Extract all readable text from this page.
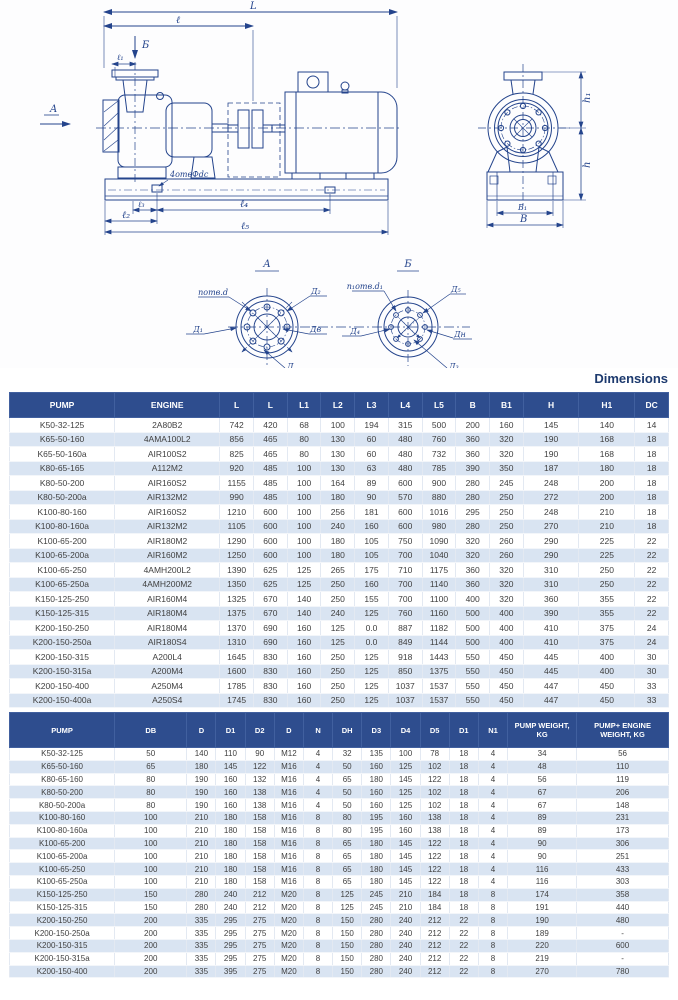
A
L
ℓ
Б
ℓ₁
4отвФdc
ℓ₃	ℓ₄
ℓ₂
ℓ₅
h₁
h
B₁
B
A
nотв.d	Д₂
Д₁	Дв
Д
Б
n₁отв.d₁	Д₅
Д₄	Дн
Д₃
Dimensions
PUMP	ENGINE	L	L	L1	L2	L3	L4	L5	B	B1	H	H1	DC
K50-32-125	2A80B2	742	420	68	100	194	315	500	200	160	145	140	14
K65-50-160	4AMA100L2	856	465	80	130	60	480	760	360	320	190	168	18
K65-50-160a	AIR100S2	825	465	80	130	60	480	732	360	320	190	168	18
K80-65-165	A112M2	920	485	100	130	63	480	785	390	350	187	180	18
K80-50-200	AIR160S2	1155	485	100	164	89	600	900	280	245	248	200	18
K80-50-200a	AIR132M2	990	485	100	180	90	570	880	280	250	272	200	18
K100-80-160	AIR160S2	1210	600	100	256	181	600	1016	295	250	248	210	18
K100-80-160a	AIR132M2	1105	600	100	240	160	600	980	280	250	270	210	18
K100-65-200	AIR180M2	1290	600	100	180	105	750	1090	320	260	290	225	22
K100-65-200a	AIR160M2	1250	600	100	180	105	700	1040	320	260	290	225	22
K100-65-250	4AMH200L2	1390	625	125	265	175	710	1175	360	320	310	250	22
K100-65-250a	4AMH200M2	1350	625	125	250	160	700	1140	360	320	310	250	22
K150-125-250	AIR160M4	1325	670	140	250	155	700	1100	400	320	360	355	22
K150-125-315	AIR180M4	1375	670	140	240	125	760	1160	500	400	390	355	22
K200-150-250	AIR180M4	1370	690	160	125	0.0	887	1182	500	400	410	375	24
K200-150-250a	AIR180S4	1310	690	160	125	0.0	849	1144	500	400	410	375	24
K200-150-315	A200L4	1645	830	160	250	125	918	1443	550	450	445	400	30
K200-150-315a	A200M4	1600	830	160	250	125	850	1375	550	450	445	400	30
K200-150-400	A250M4	1785	830	160	250	125	1037	1537	550	450	447	450	33
K200-150-400a	A250S4	1745	830	160	250	125	1037	1537	550	450	447	450	33
PUMP	DB	D	D1	D2	D	N	DH	D3	D4	D5	D1	N1	PUMP WEIGHT, KG	PUMP+ ENGINE WEIGHT, KG
K50-32-125	50	140	110	90	M12	4	32	135	100	78	18	4	34	56
K65-50-160	65	180	145	122	M16	4	50	160	125	102	18	4	48	110
K80-65-160	80	190	160	132	M16	4	65	180	145	122	18	4	56	119
K80-50-200	80	190	160	138	M16	4	50	160	125	102	18	4	67	206
K80-50-200a	80	190	160	138	M16	4	50	160	125	102	18	4	67	148
K100-80-160	100	210	180	158	M16	8	80	195	160	138	18	4	89	231
K100-80-160a	100	210	180	158	M16	8	80	195	160	138	18	4	89	173
K100-65-200	100	210	180	158	M16	8	65	180	145	122	18	4	90	306
K100-65-200a	100	210	180	158	M16	8	65	180	145	122	18	4	90	251
K100-65-250	100	210	180	158	M16	8	65	180	145	122	18	4	116	433
K100-65-250a	100	210	180	158	M16	8	65	180	145	122	18	4	116	303
K150-125-250	150	280	240	212	M20	8	125	245	210	184	18	8	174	358
K150-125-315	150	280	240	212	M20	8	125	245	210	184	18	8	191	440
K200-150-250	200	335	295	275	M20	8	150	280	240	212	22	8	190	480
K200-150-250a	200	335	295	275	M20	8	150	280	240	212	22	8	189	-
K200-150-315	200	335	295	275	M20	8	150	280	240	212	22	8	220	600
K200-150-315a	200	335	295	275	M20	8	150	280	240	212	22	8	219	-
K200-150-400	200	335	395	275	M20	8	150	280	240	212	22	8	270	780
